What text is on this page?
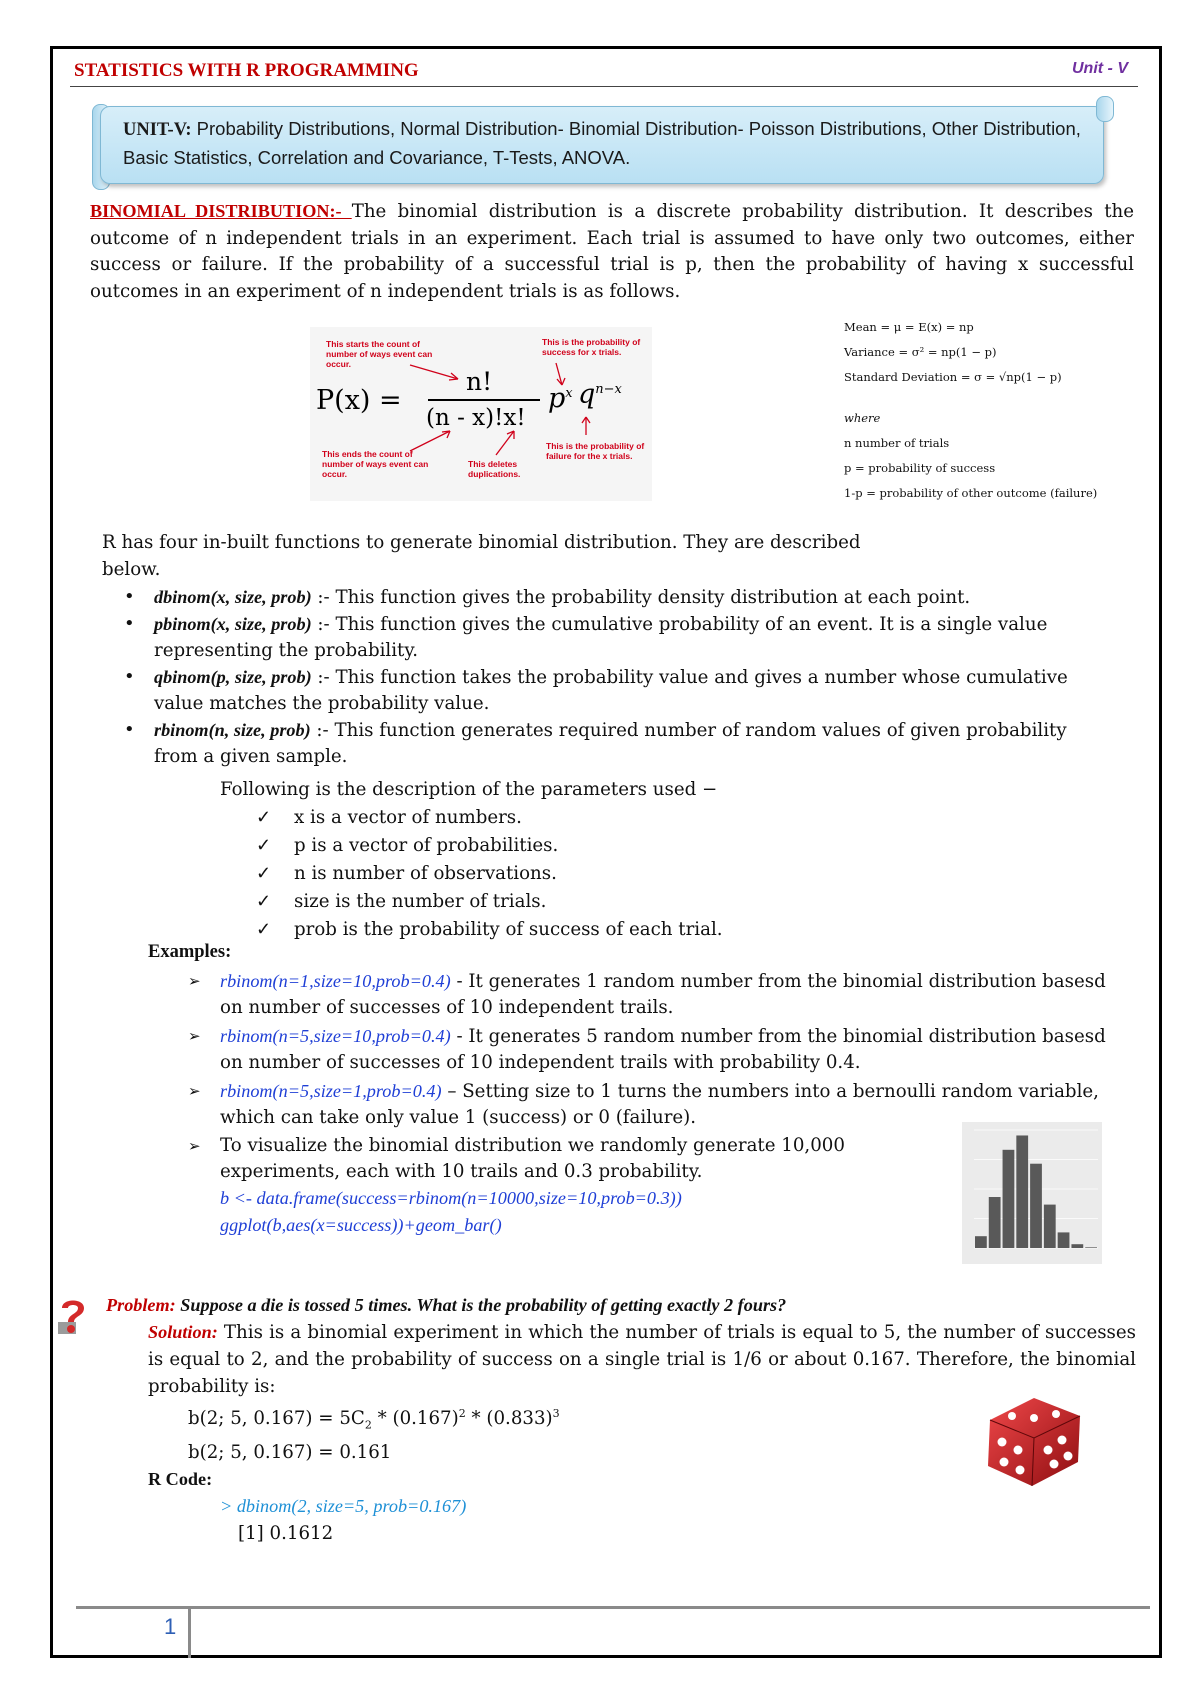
STATISTICS WITH R PROGRAMMING	Unit - V
UNIT-V: Probability Distributions, Normal Distribution- Binomial Distribution- Poisson Distributions, Other Distribution, Basic Statistics, Correlation and Covariance, T-Tests, ANOVA.
BINOMIAL DISTRIBUTION:- The binomial distribution is a discrete probability distribution. It describes the outcome of n independent trials in an experiment. Each trial is assumed to have only two outcomes, either success or failure. If the probability of a successful trial is p, then the probability of having x successful outcomes in an experiment of n independent trials is as follows.
This starts the count of number of ways event can occur.
This is the probability of success for x trials.
P(x) =
n!
(n - x)!x!
$p^x$ $q^{n-x}$
This ends the count of number of ways event can occur.
This deletes duplications.
This is the probability of failure for the x trials.
Mean = μ = E(x) = np
Variance = σ² = np(1 − p)
Standard Deviation = σ = √np(1 − p)
where
n number of trials
p = probability of success
1-p = probability of other outcome (failure)
R has four in-built functions to generate binomial distribution. They are described below.
• dbinom(x, size, prob) :- This function gives the probability density distribution at each point.
• pbinom(x, size, prob) :- This function gives the cumulative probability of an event. It is a single value representing the probability.
• qbinom(p, size, prob) :- This function takes the probability value and gives a number whose cumulative value matches the probability value.
• rbinom(n, size, prob) :- This function generates required number of random values of given probability from a given sample.
Following is the description of the parameters used −
✓ x is a vector of numbers.
✓ p is a vector of probabilities.
✓ n is number of observations.
✓ size is the number of trials.
✓ prob is the probability of success of each trial.
Examples:
➢ rbinom(n=1,size=10,prob=0.4) - It generates 1 random number from the binomial distribution basesd on number of successes of 10 independent trails.
➢ rbinom(n=5,size=10,prob=0.4) - It generates 5 random number from the binomial distribution basesd on number of successes of 10 independent trails with probability 0.4.
➢ rbinom(n=5,size=1,prob=0.4) – Setting size to 1 turns the numbers into a bernoulli random variable, which can take only value 1 (success) or 0 (failure).
➢ To visualize the binomial distribution we randomly generate 10,000 experiments, each with 10 trails and 0.3 probability.
b <- data.frame(success=rbinom(n=10000,size=10,prob=0.3))
ggplot(b,aes(x=success))+geom_bar()
Problem: Suppose a die is tossed 5 times. What is the probability of getting exactly 2 fours?
Solution: This is a binomial experiment in which the number of trials is equal to 5, the number of successes is equal to 2, and the probability of success on a single trial is 1/6 or about 0.167. Therefore, the binomial probability is:
b(2; 5, $0.167) = 5C_2 * (0.167)^2 * (0.833)^3$
b(2; 5, 0.167) = 0.161
R Code:
> dbinom(2, size=5, prob=0.167)
[1] 0.1612
1
